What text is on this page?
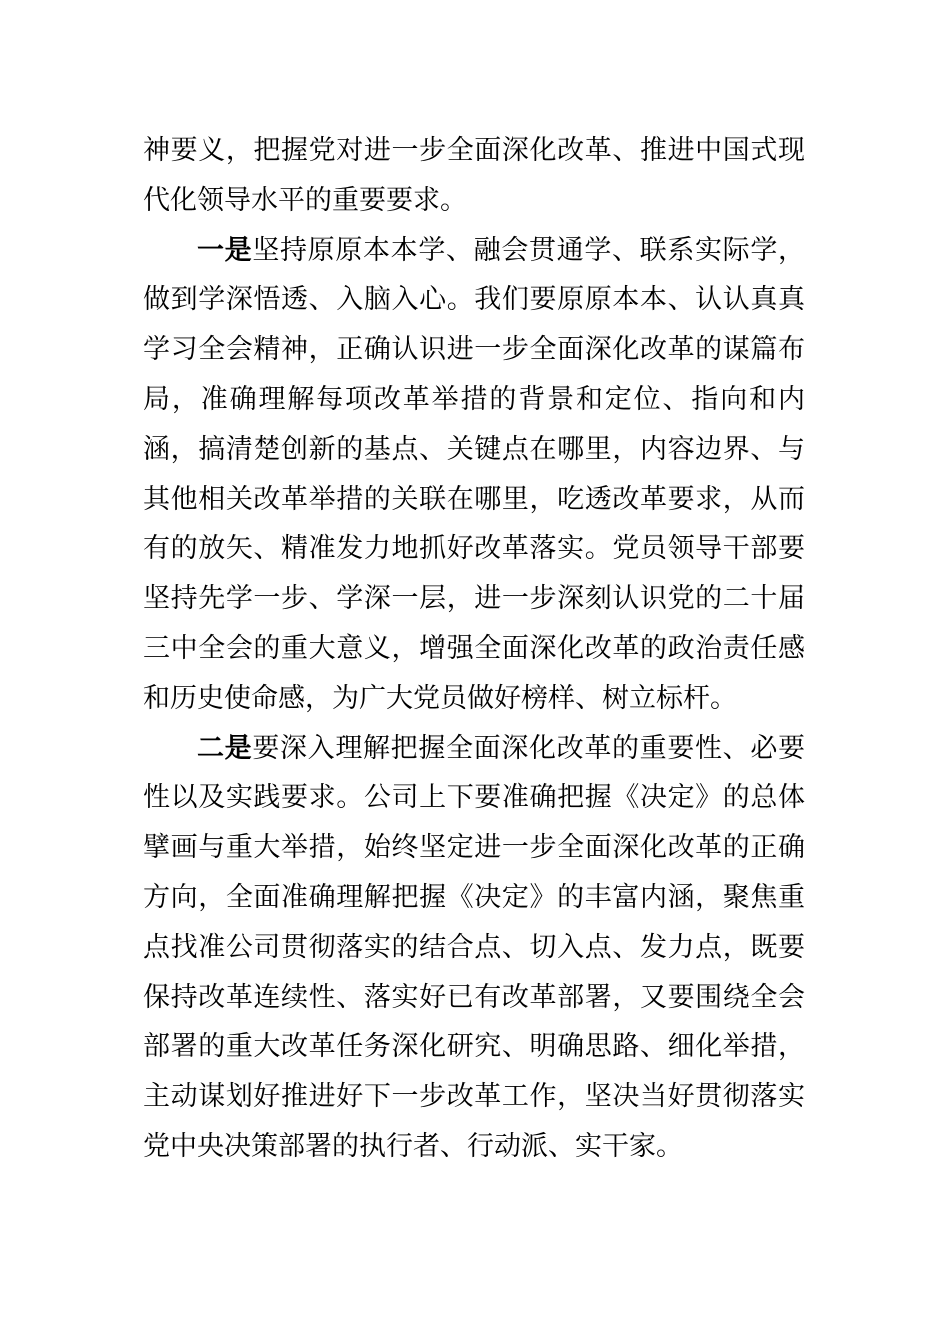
神要义，把握党对进一步全面深化改革、推进中国式现代化领导水平的重要要求。

一是坚持原原本本学、融会贯通学、联系实际学，做到学深悟透、入脑入心。我们要原原本本、认认真真学习全会精神，正确认识进一步全面深化改革的谋篇布局，准确理解每项改革举措的背景和定位、指向和内涵，搞清楚创新的基点、关键点在哪里，内容边界、与其他相关改革举措的关联在哪里，吃透改革要求，从而有的放矢、精准发力地抓好改革落实。党员领导干部要坚持先学一步、学深一层，进一步深刻认识党的二十届三中全会的重大意义，增强全面深化改革的政治责任感和历史使命感，为广大党员做好榜样、树立标杆。

二是要深入理解把握全面深化改革的重要性、必要性以及实践要求。公司上下要准确把握《决定》的总体擘画与重大举措，始终坚定进一步全面深化改革的正确方向，全面准确理解把握《决定》的丰富内涵，聚焦重点找准公司贯彻落实的结合点、切入点、发力点，既要保持改革连续性、落实好已有改革部署，又要围绕全会部署的重大改革任务深化研究、明确思路、细化举措，主动谋划好推进好下一步改革工作，坚决当好贯彻落实党中央决策部署的执行者、行动派、实干家。
